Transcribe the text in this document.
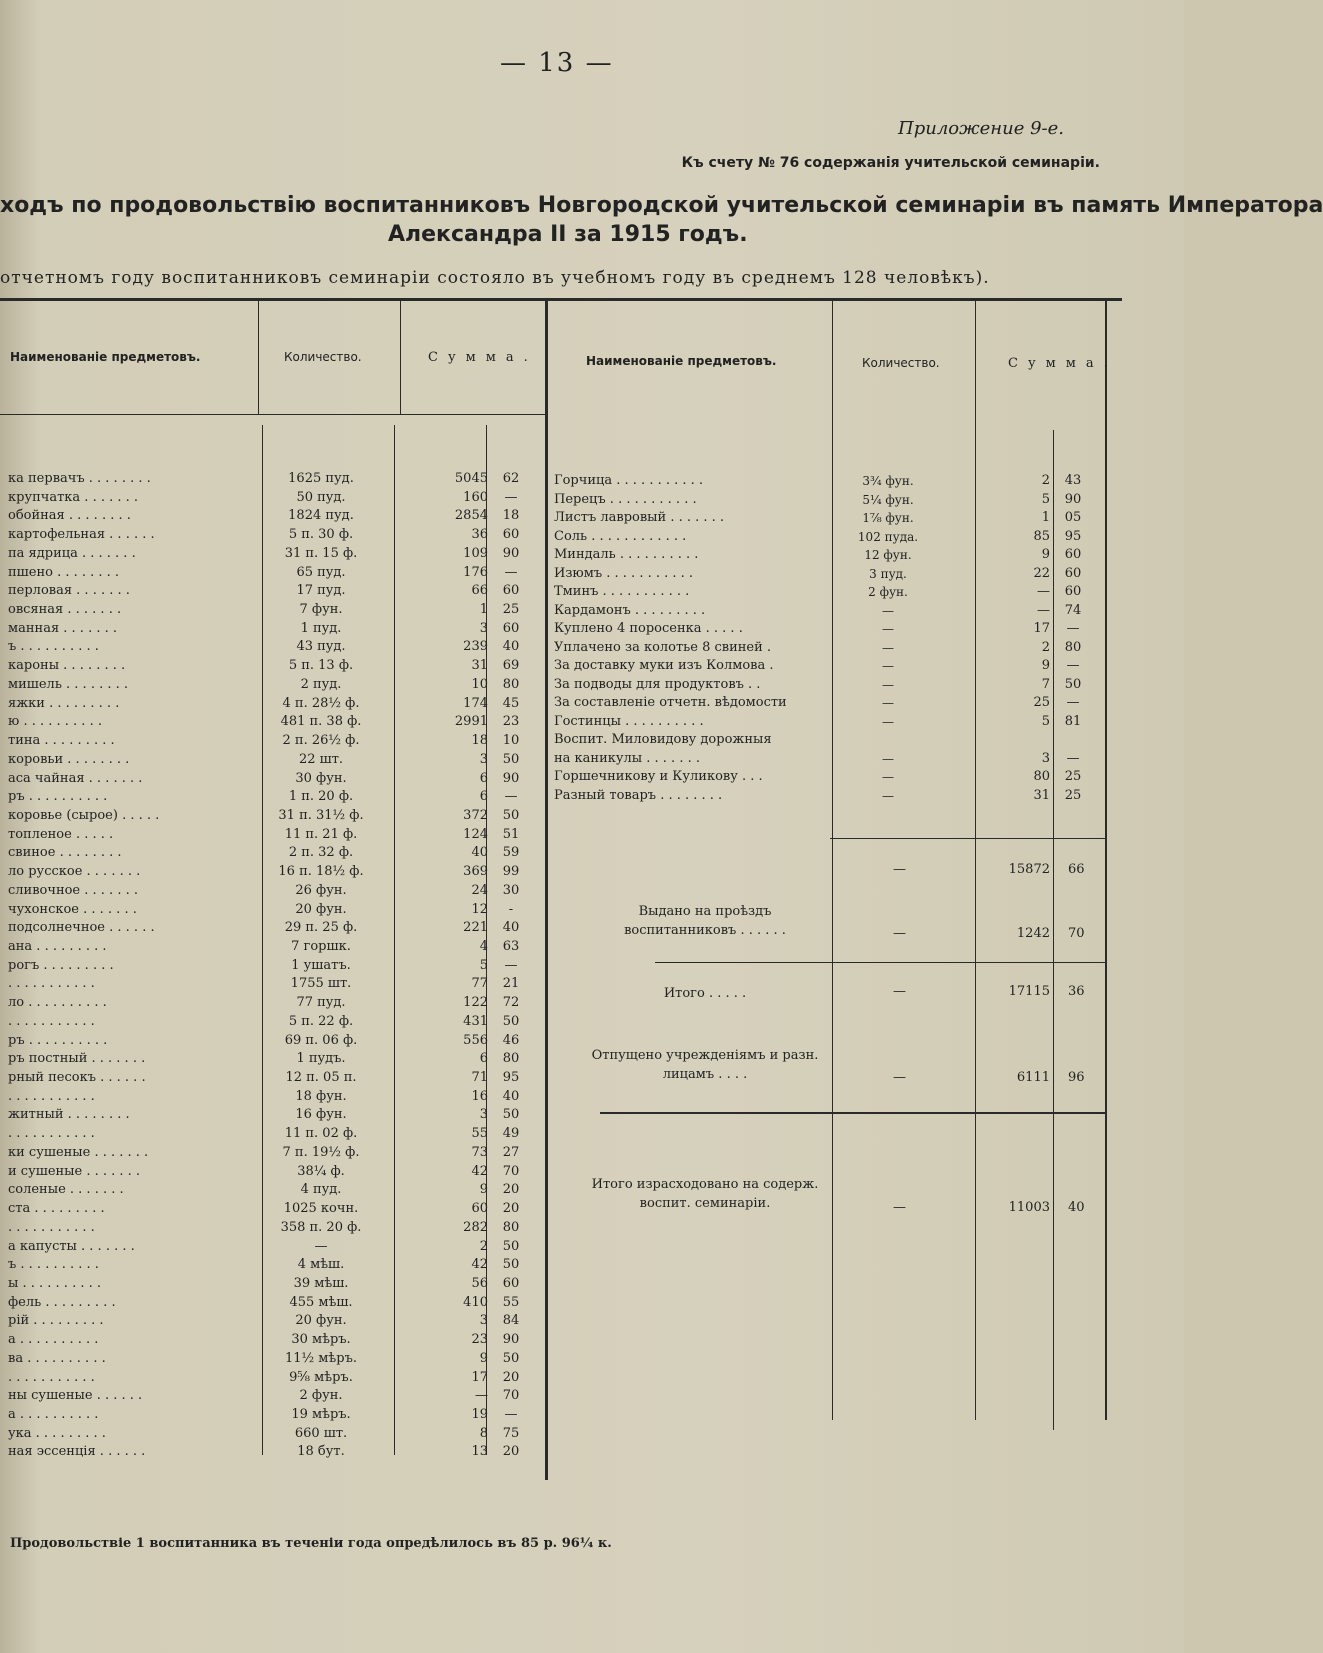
— 13 —
Приложение 9-е.
Къ счету № 76 содержанія учительской семинаріи.
ходъ по продовольствію воспитанниковъ Новгородской учительской семинаріи въ память Императора
Александра II за 1915 годъ.
отчетномъ году воспитанниковъ семинаріи состояло въ учебномъ году въ среднемъ 128 человѣкъ).
Наименованіе предметовъ.	Количество.	Сумма.	Наименованіе предметовъ.	Количество.	Сумма.
ка первачъ . . . . . . . .	1625 пуд.	5045	62
крупчатка . . . . . . .	50 пуд.	160	—
обойная . . . . . . . .	1824 пуд.	2854	18
картофельная . . . . . .	5 п. 30 ф.	36	60
па ядрица . . . . . . .	31 п. 15 ф.	109	90
пшено . . . . . . . .	65 пуд.	176	—
перловая . . . . . . .	17 пуд.	66	60
овсяная . . . . . . .	7 фун.	1	25
манная . . . . . . .	1 пуд.	3	60
ъ . . . . . . . . . .	43 пуд.	239	40
кароны . . . . . . . .	5 п. 13 ф.	31	69
мишель . . . . . . . .	2 пуд.	10	80
яжки . . . . . . . . .	4 п. 28½ ф.	174	45
ю . . . . . . . . . .	481 п. 38 ф.	2991	23
тина . . . . . . . . .	2 п. 26½ ф.	18	10
коровьи . . . . . . . .	22 шт.	3	50
аса чайная . . . . . . .	30 фун.	6	90
ръ . . . . . . . . . .	1 п. 20 ф.	6	—
коровье (сырое) . . . . .	31 п. 31½ ф.	372	50
топленое . . . . .	11 п. 21 ф.	124	51
свиное . . . . . . . .	2 п. 32 ф.	40	59
ло русское . . . . . . .	16 п. 18½ ф.	369	99
сливочное . . . . . . .	26 фун.	24	30
чухонское . . . . . . .	20 фун.	12	-
подсолнечное . . . . . .	29 п. 25 ф.	221	40
ана . . . . . . . . .	7 горшк.	4	63
рогъ . . . . . . . . .	1 ушатъ.	5	—
. . . . . . . . . . .	1755 шт.	77	21
ло . . . . . . . . . .	77 пуд.	122	72
. . . . . . . . . . .	5 п. 22 ф.	431	50
ръ . . . . . . . . . .	69 п. 06 ф.	556	46
ръ постный . . . . . . .	1 пудъ.	6	80
рный песокъ . . . . . .	12 п. 05 п.	71	95
. . . . . . . . . . .	18 фун.	16	40
житный . . . . . . . .	16 фун.	3	50
. . . . . . . . . . .	11 п. 02 ф.	55	49
ки сушеные . . . . . . .	7 п. 19½ ф.	73	27
и сушеные . . . . . . .	38¼ ф.	42	70
соленые . . . . . . .	4 пуд.	9	20
ста . . . . . . . . .	1025 кочн.	60	20
. . . . . . . . . . .	358 п. 20 ф.	282	80
а капусты . . . . . . .	—	2	50
ъ . . . . . . . . . .	4 мѣш.	42	50
ы . . . . . . . . . .	39 мѣш.	56	60
фель . . . . . . . . .	455 мѣш.	410	55
рій . . . . . . . . .	20 фун.	3	84
а . . . . . . . . . .	30 мѣръ.	23	90
ва . . . . . . . . . .	11½ мѣръ.	9	50
. . . . . . . . . . .	9⅝ мѣръ.	17	20
ны сушеные . . . . . .	2 фун.	—	70
а . . . . . . . . . .	19 мѣръ.	19	—
ука . . . . . . . . .	660 шт.	8	75
ная эссенція . . . . . .	18 бут.	13	20
Горчица . . . . . . . . . . .	3¾ фун.	2	43
Перецъ . . . . . . . . . . .	5¼ фун.	5	90
Листъ лавровый . . . . . . .	1⅞ фун.	1	05
Соль . . . . . . . . . . . .	102 пуда.	85	95
Миндаль . . . . . . . . . .	12 фун.	9	60
Изюмъ . . . . . . . . . . .	3 пуд.	22	60
Тминъ . . . . . . . . . . .	2 фун.	—	60
Кардамонъ . . . . . . . . .	—	—	74
Куплено 4 поросенка . . . . .	—	17	—
Уплачено за колотье 8 свиней .	—	2	80
За доставку муки изъ Колмова .	—	9	—
За подводы для продуктовъ . .	—	7	50
За составленіе отчетн. вѣдомости	—	25	—
Гостинцы . . . . . . . . . .	—	5	81
Воспит. Миловидову дорожныя
на каникулы . . . . . . .	—	3	—
Горшечникову и Куликову . . .	—	80	25
Разный товаръ . . . . . . . .	—	31	25
—	15872 66
Выдано на проѣздъ воспитанниковъ . . . . . .	—	1242 70
Итого . . . . .	—	17115 36
Отпущено учрежденіямъ и разн. лицамъ . . . .	—	6111 96
Итого израсходовано на содерж. воспит. семинаріи.	—	11003 40
Продовольствіе 1 воспитанника въ теченіи года опредѣлилось въ 85 р. 96¼ к.
